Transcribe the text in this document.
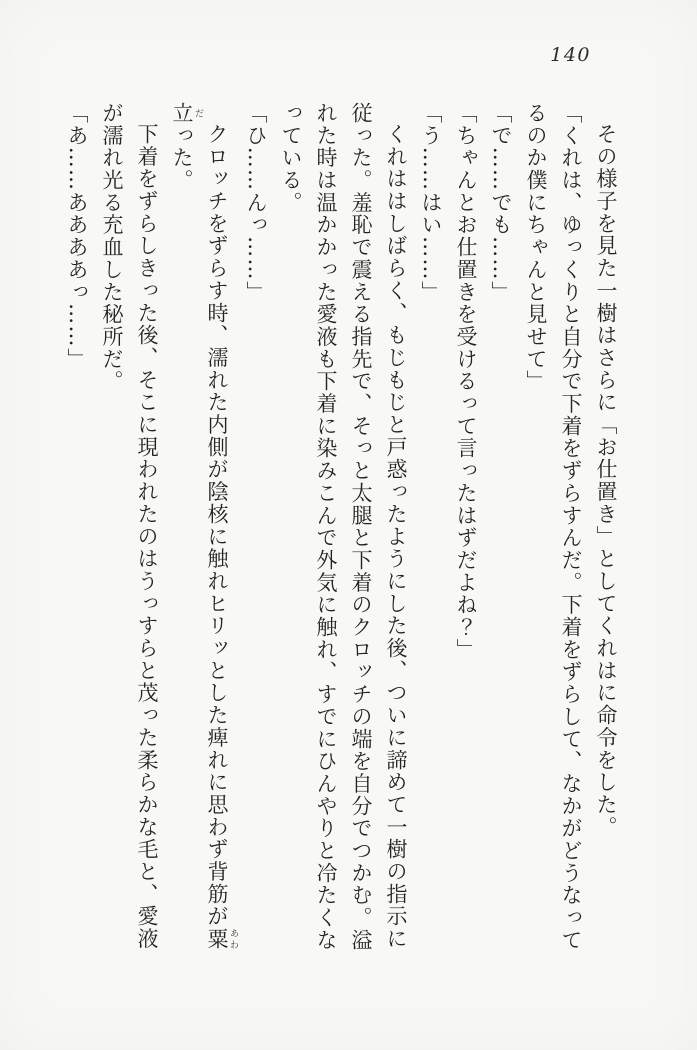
140

その様子を見た一樹はさらに「お仕置き」としてくれはに命令をした。

「くれは、ゆっくりと自分で下着をずらすんだ。下着をずらして、なかがどうなってるのか僕にちゃんと見せて」

「で……でも……」

「ちゃんとお仕置きを受けるって言ったはずだよね？」

「う……はい……」

くれははしばらく、もじもじと戸惑ったようにした後、ついに諦めて一樹の指示に従った。羞恥で震える指先で、そっと太腿と下着のクロッチの端を自分でつかむ。溢れた時は温かかった愛液も下着に染みこんで外気に触れ、すでにひんやりと冷たくなっている。

「ひ……んっ……」

クロッチをずらす時、濡れた内側が陰核に触れヒリッとした痺れに思わず背筋が粟 あわ立 だった。

下着をずらしきった後、そこに現われたのはうっすらと茂った柔らかな毛と、愛液が濡れ光る充血した秘所だ。

「あ……ああああっ……」
